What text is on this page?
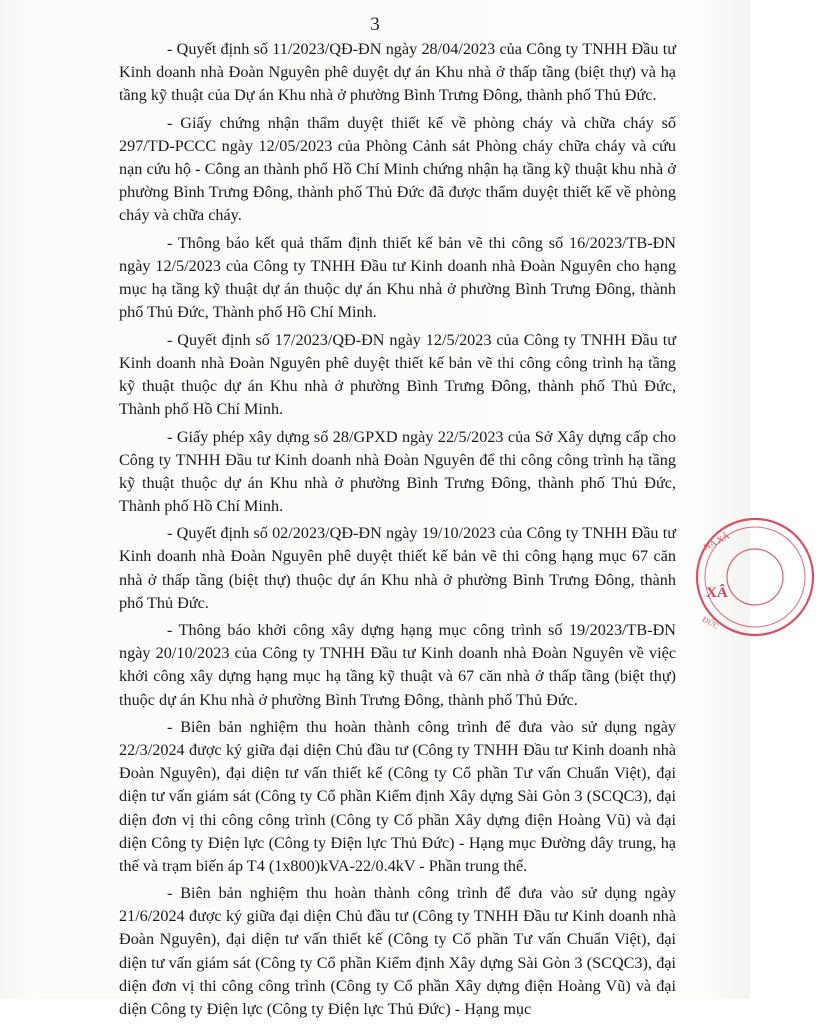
3

- Quyết định số 11/2023/QĐ-ĐN ngày 28/04/2023 của Công ty TNHH Đầu tư Kinh doanh nhà Đoàn Nguyên phê duyệt dự án Khu nhà ở thấp tầng (biệt thự) và hạ tầng kỹ thuật của Dự án Khu nhà ở phường Bình Trưng Đông, thành phố Thủ Đức.

- Giấy chứng nhận thẩm duyệt thiết kế về phòng cháy và chữa cháy số 297/TD-PCCC ngày 12/05/2023 của Phòng Cảnh sát Phòng cháy chữa cháy và cứu nạn cứu hộ - Công an thành phố Hồ Chí Minh chứng nhận hạ tầng kỹ thuật khu nhà ở phường Bình Trưng Đông, thành phố Thủ Đức đã được thẩm duyệt thiết kế về phòng cháy và chữa cháy.

- Thông báo kết quả thẩm định thiết kế bản vẽ thi công số 16/2023/TB-ĐN ngày 12/5/2023 của Công ty TNHH Đầu tư Kinh doanh nhà Đoàn Nguyên cho hạng mục hạ tầng kỹ thuật dự án thuộc dự án Khu nhà ở phường Bình Trưng Đông, thành phố Thủ Đức, Thành phố Hồ Chí Minh.

- Quyết định số 17/2023/QĐ-ĐN ngày 12/5/2023 của Công ty TNHH Đầu tư Kinh doanh nhà Đoàn Nguyên phê duyệt thiết kế bản vẽ thi công công trình hạ tầng kỹ thuật thuộc dự án Khu nhà ở phường Bình Trưng Đông, thành phố Thủ Đức, Thành phố Hồ Chí Minh.

- Giấy phép xây dựng số 28/GPXD ngày 22/5/2023 của Sở Xây dựng cấp cho Công ty TNHH Đầu tư Kinh doanh nhà Đoàn Nguyên để thi công công trình hạ tầng kỹ thuật thuộc dự án Khu nhà ở phường Bình Trưng Đông, thành phố Thủ Đức, Thành phố Hồ Chí Minh.

- Quyết định số 02/2023/QĐ-ĐN ngày 19/10/2023 của Công ty TNHH Đầu tư Kinh doanh nhà Đoàn Nguyên phê duyệt thiết kế bản vẽ thi công hạng mục 67 căn nhà ở thấp tầng (biệt thự) thuộc dự án Khu nhà ở phường Bình Trưng Đông, thành phố Thủ Đức.

- Thông báo khởi công xây dựng hạng mục công trình số 19/2023/TB-ĐN ngày 20/10/2023 của Công ty TNHH Đầu tư Kinh doanh nhà Đoàn Nguyên về việc khởi công xây dựng hạng mục hạ tầng kỹ thuật và 67 căn nhà ở thấp tầng (biệt thự) thuộc dự án Khu nhà ở phường Bình Trưng Đông, thành phố Thủ Đức.

- Biên bản nghiệm thu hoàn thành công trình để đưa vào sử dụng ngày 22/3/2024 được ký giữa đại diện Chủ đầu tư (Công ty TNHH Đầu tư Kinh doanh nhà Đoàn Nguyên), đại diện tư vấn thiết kế (Công ty Cổ phần Tư vấn Chuẩn Việt), đại diện tư vấn giám sát (Công ty Cổ phần Kiểm định Xây dựng Sài Gòn 3 (SCQC3), đại diện đơn vị thi công công trình (Công ty Cổ phần Xây dựng điện Hoàng Vũ) và đại diện Công ty Điện lực (Công ty Điện lực Thủ Đức) - Hạng mục Đường dây trung, hạ thế và trạm biến áp T4 (1x800)kVA-22/0.4kV - Phần trung thế.

- Biên bản nghiệm thu hoàn thành công trình để đưa vào sử dụng ngày 21/6/2024 được ký giữa đại diện Chủ đầu tư (Công ty TNHH Đầu tư Kinh doanh nhà Đoàn Nguyên), đại diện tư vấn thiết kế (Công ty Cổ phần Tư vấn Chuẩn Việt), đại diện tư vấn giám sát (Công ty Cổ phần Kiểm định Xây dựng Sài Gòn 3 (SCQC3), đại diện đơn vị thi công công trình (Công ty Cổ phần Xây dựng điện Hoàng Vũ) và đại diện Công ty Điện lực (Công ty Điện lực Thủ Đức) - Hạng mục

NA XÂ
XÂ
ĐỨC
